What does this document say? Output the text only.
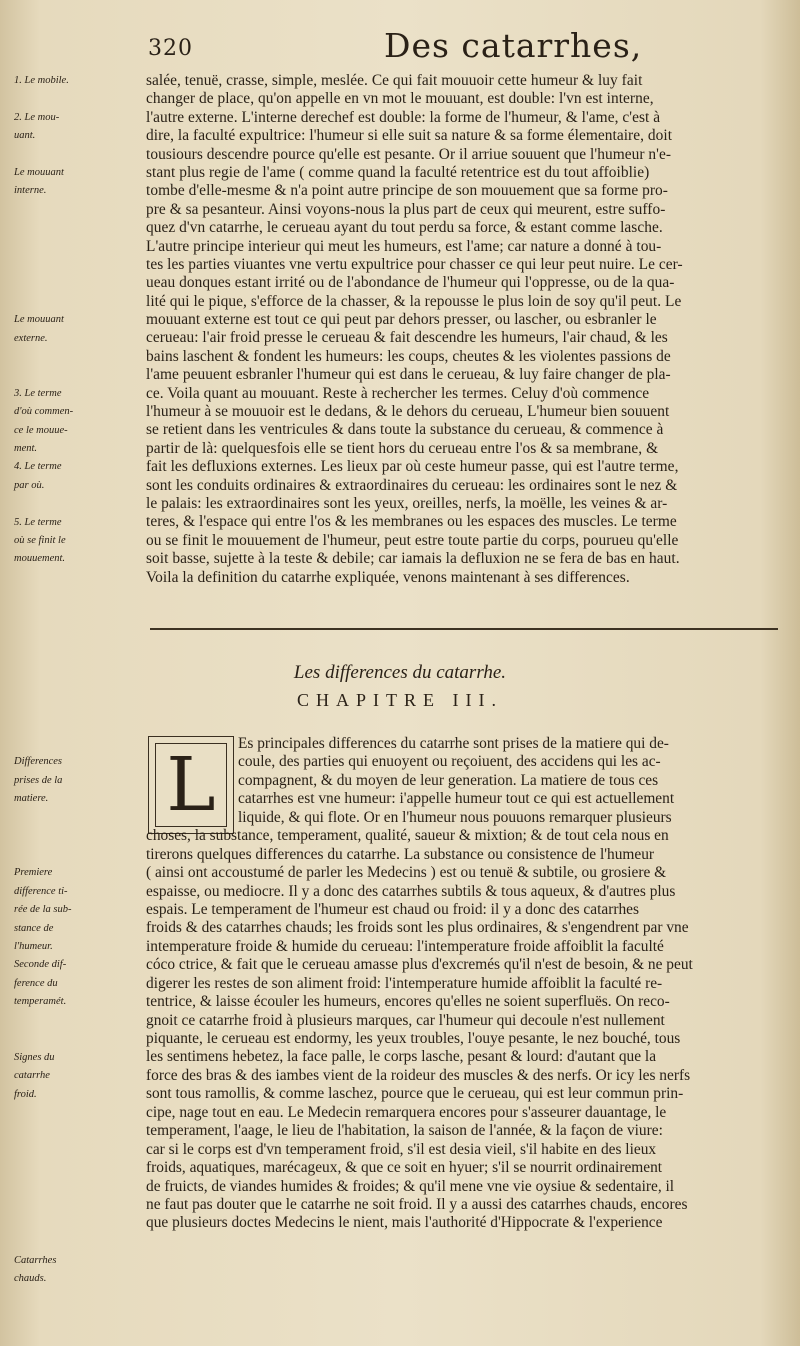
320	Des catarrhes,
1. Le mobile.
2. Le mou-
uant.
Le mouuant
interne.
Le mouuant
externe.
3. Le terme
d'où commen-
ce le mouue-
ment.
4. Le terme
par où.
5. Le terme
où se finit le
mouuement.
salée, tenuë, crasse, simple, meslée. Ce qui fait mouuoir cette humeur & luy fait
changer de place, qu'on appelle en vn mot le mouuant, est double: l'vn est interne,
l'autre externe. L'interne derechef est double: la forme de l'humeur, & l'ame, c'est à
dire, la faculté expultrice: l'humeur si elle suit sa nature & sa forme élementaire, doit
tousiours descendre pource qu'elle est pesante. Or il arriue souuent que l'humeur n'e-
stant plus regie de l'ame ( comme quand la faculté retentrice est du tout affoiblie)
tombe d'elle-mesme & n'a point autre principe de son mouuement que sa forme pro-
pre & sa pesanteur. Ainsi voyons-nous la plus part de ceux qui meurent, estre suffo-
quez d'vn catarrhe, le cerueau ayant du tout perdu sa force, & estant comme lasche.
L'autre principe interieur qui meut les humeurs, est l'ame; car nature a donné à tou-
tes les parties viuantes vne vertu expultrice pour chasser ce qui leur peut nuire. Le cer-
ueau donques estant irrité ou de l'abondance de l'humeur qui l'oppresse, ou de la qua-
lité qui le pique, s'efforce de la chasser, & la repousse le plus loin de soy qu'il peut. Le
mouuant externe est tout ce qui peut par dehors presser, ou lascher, ou esbranler le
cerueau: l'air froid presse le cerueau & fait descendre les humeurs, l'air chaud, & les
bains laschent & fondent les humeurs: les coups, cheutes & les violentes passions de
l'ame peuuent esbranler l'humeur qui est dans le cerueau, & luy faire changer de pla-
ce. Voila quant au mouuant. Reste à rechercher les termes. Celuy d'où commence
l'humeur à se mouuoir est le dedans, & le dehors du cerueau, L'humeur bien souuent
se retient dans les ventricules & dans toute la substance du cerueau, & commence à
partir de là: quelquesfois elle se tient hors du cerueau entre l'os & sa membrane, &
fait les defluxions externes. Les lieux par où ceste humeur passe, qui est l'autre terme,
sont les conduits ordinaires & extraordinaires du cerueau: les ordinaires sont le nez &
le palais: les extraordinaires sont les yeux, oreilles, nerfs, la moëlle, les veines & ar-
teres, & l'espace qui entre l'os & les membranes ou les espaces des muscles. Le terme
ou se finit le mouuement de l'humeur, peut estre toute partie du corps, pourueu qu'elle
soit basse, sujette à la teste & debile; car iamais la defluxion ne se fera de bas en haut.
Voila la definition du catarrhe expliquée, venons maintenant à ses differences.
Les differences du catarrhe.
CHAPITRE III.
L
Differences
prises de la
matiere.
Premiere
difference ti-
rée de la sub-
stance de
l'humeur.
Seconde dif-
ference du
temperamét.
Signes du
catarrhe
froid.
Catarrhes
chauds.
Es principales differences du catarrhe sont prises de la matiere qui de-
coule, des parties qui enuoyent ou reçoiuent, des accidens qui les ac-
compagnent, & du moyen de leur generation. La matiere de tous ces
catarrhes est vne humeur: i'appelle humeur tout ce qui est actuellement
liquide, & qui flote. Or en l'humeur nous pouuons remarquer plusieurs
choses, la substance, temperament, qualité, saueur & mixtion; & de tout cela nous en
tirerons quelques differences du catarrhe. La substance ou consistence de l'humeur
( ainsi ont accoustumé de parler les Medecins ) est ou tenuë & subtile, ou grosiere &
espaisse, ou mediocre. Il y a donc des catarrhes subtils & tous aqueux, & d'autres plus
espais. Le temperament de l'humeur est chaud ou froid: il y a donc des catarrhes
froids & des catarrhes chauds; les froids sont les plus ordinaires, & s'engendrent par vne
intemperature froide & humide du cerueau: l'intemperature froide affoiblit la faculté
cóco ctrice, & fait que le cerueau amasse plus d'excremés qu'il n'est de besoin, & ne peut
digerer les restes de son aliment froid: l'intemperature humide affoiblit la faculté re-
tentrice, & laisse écouler les humeurs, encores qu'elles ne soient superfluës. On reco-
gnoit ce catarrhe froid à plusieurs marques, car l'humeur qui decoule n'est nullement
piquante, le cerueau est endormy, les yeux troubles, l'ouye pesante, le nez bouché, tous
les sentimens hebetez, la face palle, le corps lasche, pesant & lourd: d'autant que la
force des bras & des iambes vient de la roideur des muscles & des nerfs. Or icy les nerfs
sont tous ramollis, & comme laschez, pource que le cerueau, qui est leur commun prin-
cipe, nage tout en eau. Le Medecin remarquera encores pour s'asseurer dauantage, le
temperament, l'aage, le lieu de l'habitation, la saison de l'année, & la façon de viure:
car si le corps est d'vn temperament froid, s'il est desia vieil, s'il habite en des lieux
froids, aquatiques, marécageux, & que ce soit en hyuer; s'il se nourrit ordinairement
de fruicts, de viandes humides & froides; & qu'il mene vne vie oysiue & sedentaire, il
ne faut pas douter que le catarrhe ne soit froid. Il y a aussi des catarrhes chauds, encores
que plusieurs doctes Medecins le nient, mais l'authorité d'Hippocrate & l'experience
